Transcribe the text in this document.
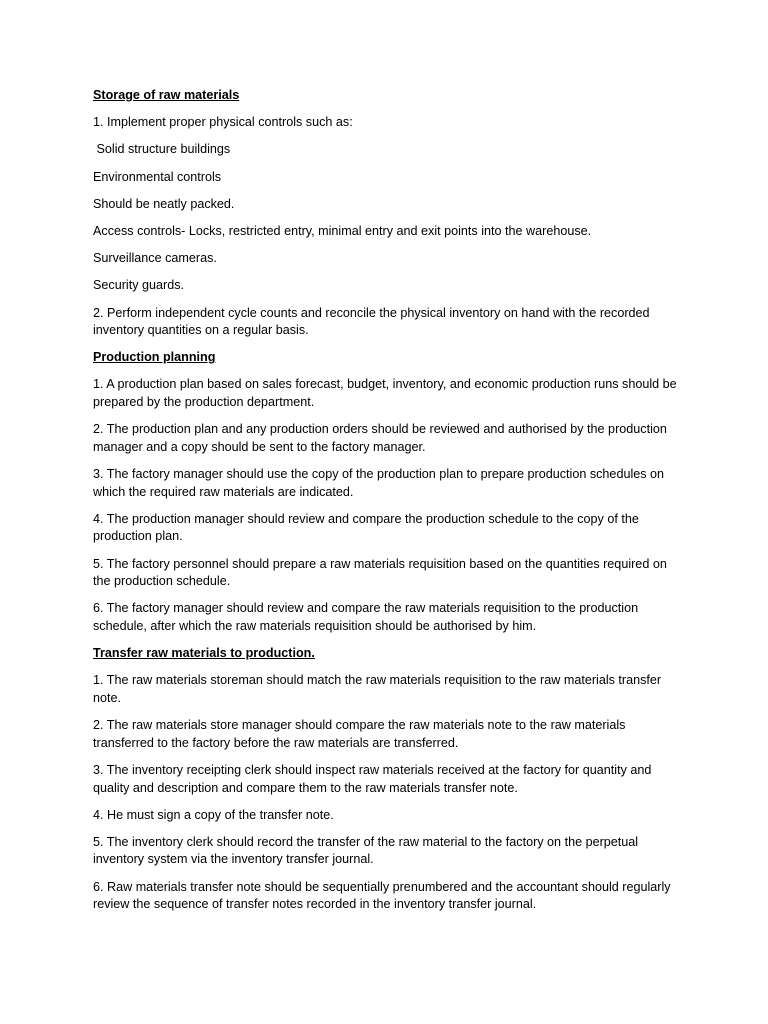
Storage of raw materials

1. Implement proper physical controls such as:

Solid structure buildings

Environmental controls

Should be neatly packed.

Access controls- Locks, restricted entry, minimal entry and exit points into the warehouse.

Surveillance cameras.

Security guards.

2. Perform independent cycle counts and reconcile the physical inventory on hand with the recorded inventory quantities on a regular basis.

Production planning

1. A production plan based on sales forecast, budget, inventory, and economic production runs should be prepared by the production department.

2. The production plan and any production orders should be reviewed and authorised by the production manager and a copy should be sent to the factory manager.

3. The factory manager should use the copy of the production plan to prepare production schedules on which the required raw materials are indicated.

4. The production manager should review and compare the production schedule to the copy of the production plan.

5. The factory personnel should prepare a raw materials requisition based on the quantities required on the production schedule.

6. The factory manager should review and compare the raw materials requisition to the production schedule, after which the raw materials requisition should be authorised by him.

Transfer raw materials to production.

1. The raw materials storeman should match the raw materials requisition to the raw materials transfer note.

2. The raw materials store manager should compare the raw materials note to the raw materials transferred to the factory before the raw materials are transferred.

3. The inventory receipting clerk should inspect raw materials received at the factory for quantity and quality and description and compare them to the raw materials transfer note.

4. He must sign a copy of the transfer note.

5. The inventory clerk should record the transfer of the raw material to the factory on the perpetual inventory system via the inventory transfer journal.

6. Raw materials transfer note should be sequentially prenumbered and the accountant should regularly review the sequence of transfer notes recorded in the inventory transfer journal.
